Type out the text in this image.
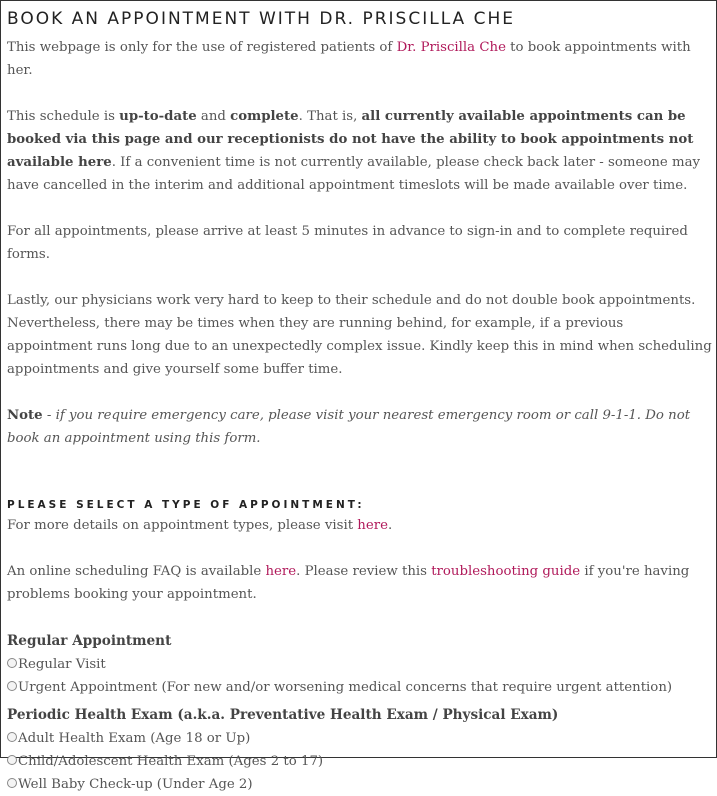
BOOK AN APPOINTMENT WITH DR. PRISCILLA CHE

This webpage is only for the use of registered patients of Dr. Priscilla Che to book appointments with her.

This schedule is up-to-date and complete. That is, all currently available appointments can be booked via this page and our receptionists do not have the ability to book appointments not available here. If a convenient time is not currently available, please check back later - someone may have cancelled in the interim and additional appointment timeslots will be made available over time.

For all appointments, please arrive at least 5 minutes in advance to sign-in and to complete required forms.

Lastly, our physicians work very hard to keep to their schedule and do not double book appointments. Nevertheless, there may be times when they are running behind, for example, if a previous appointment runs long due to an unexpectedly complex issue. Kindly keep this in mind when scheduling appointments and give yourself some buffer time.

Note - if you require emergency care, please visit your nearest emergency room or call 9-1-1. Do not book an appointment using this form.

PLEASE SELECT A TYPE OF APPOINTMENT:

For more details on appointment types, please visit here.

An online scheduling FAQ is available here. Please review this troubleshooting guide if you're having problems booking your appointment.

Regular Appointment
Regular Visit
Urgent Appointment (For new and/or worsening medical concerns that require urgent attention)
Periodic Health Exam (a.k.a. Preventative Health Exam / Physical Exam)
Adult Health Exam (Age 18 or Up)
Child/Adolescent Health Exam (Ages 2 to 17)
Well Baby Check-up (Under Age 2)
